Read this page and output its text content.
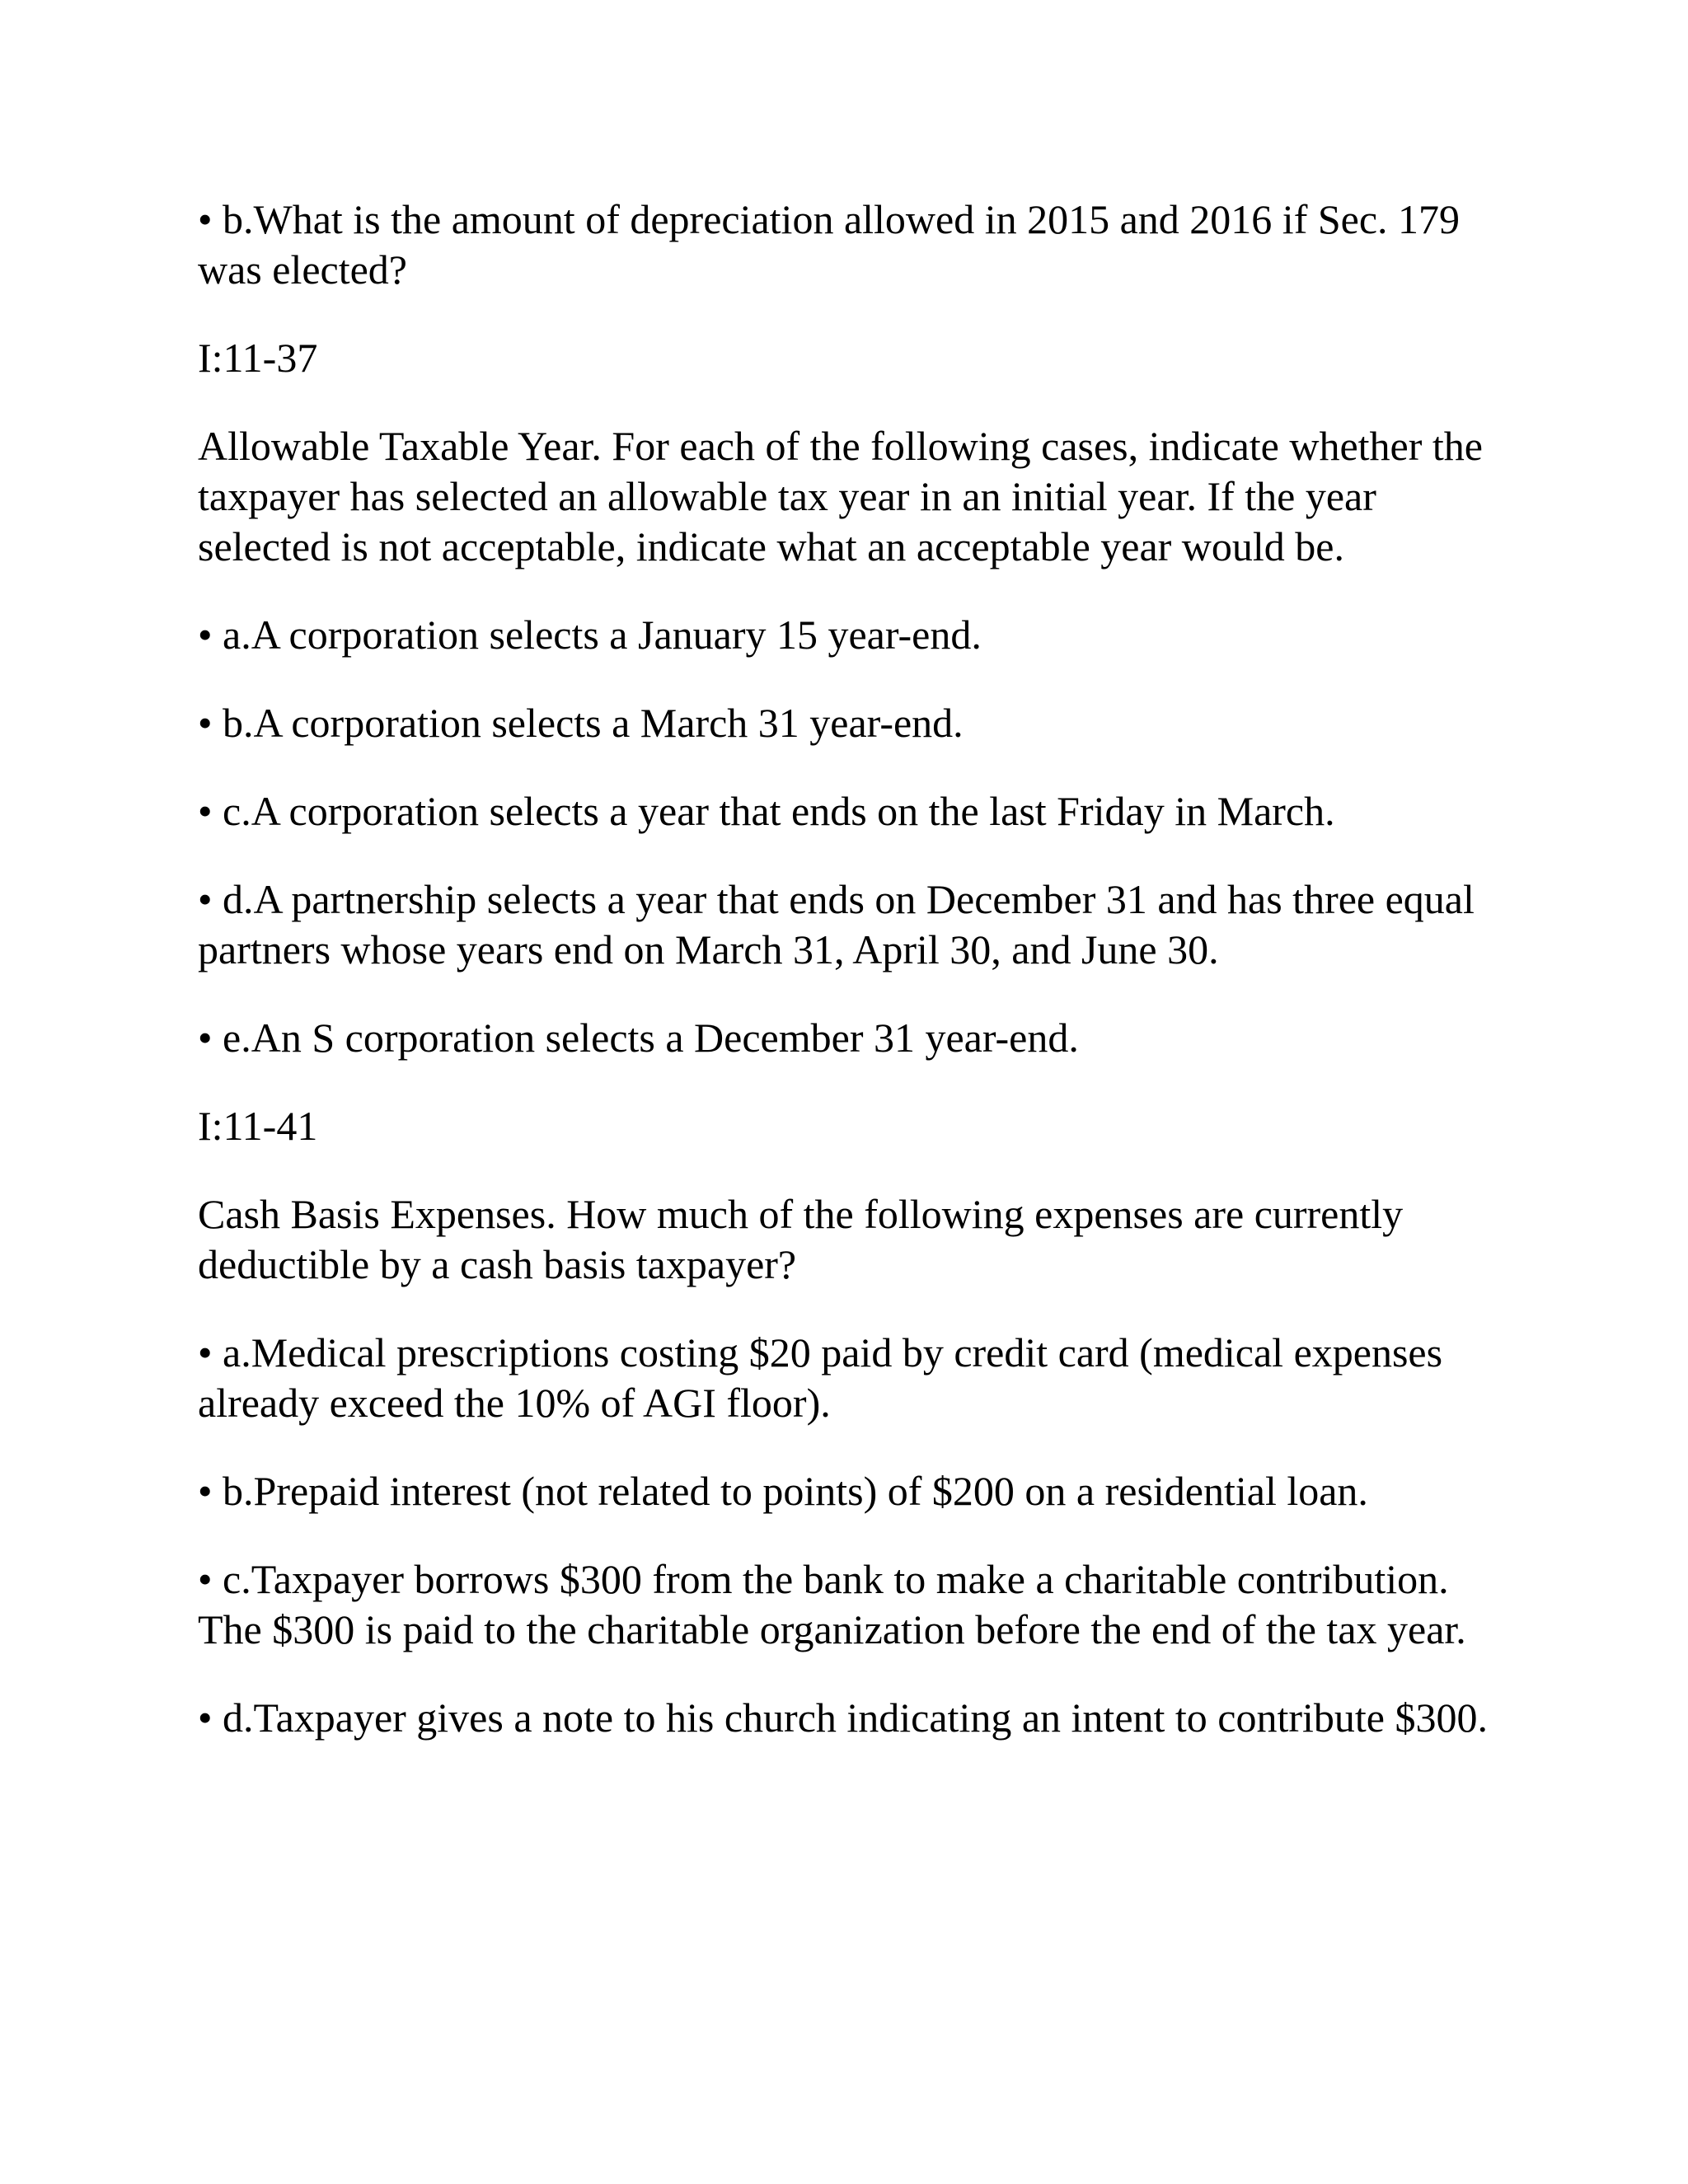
• b.What is the amount of depreciation allowed in 2015 and 2016 if Sec. 179 was elected?

I:11-37

Allowable Taxable Year. For each of the following cases, indicate whether the taxpayer has selected an allowable tax year in an initial year. If the year selected is not acceptable, indicate what an acceptable year would be.

• a.A corporation selects a January 15 year-end.

• b.A corporation selects a March 31 year-end.

• c.A corporation selects a year that ends on the last Friday in March.

• d.A partnership selects a year that ends on December 31 and has three equal partners whose years end on March 31, April 30, and June 30.

• e.An S corporation selects a December 31 year-end.

I:11-41

Cash Basis Expenses. How much of the following expenses are currently deductible by a cash basis taxpayer?

• a.Medical prescriptions costing $20 paid by credit card (medical expenses already exceed the 10% of AGI floor).

• b.Prepaid interest (not related to points) of $200 on a residential loan.

• c.Taxpayer borrows $300 from the bank to make a charitable contribution. The $300 is paid to the charitable organization before the end of the tax year.

• d.Taxpayer gives a note to his church indicating an intent to contribute $300.
